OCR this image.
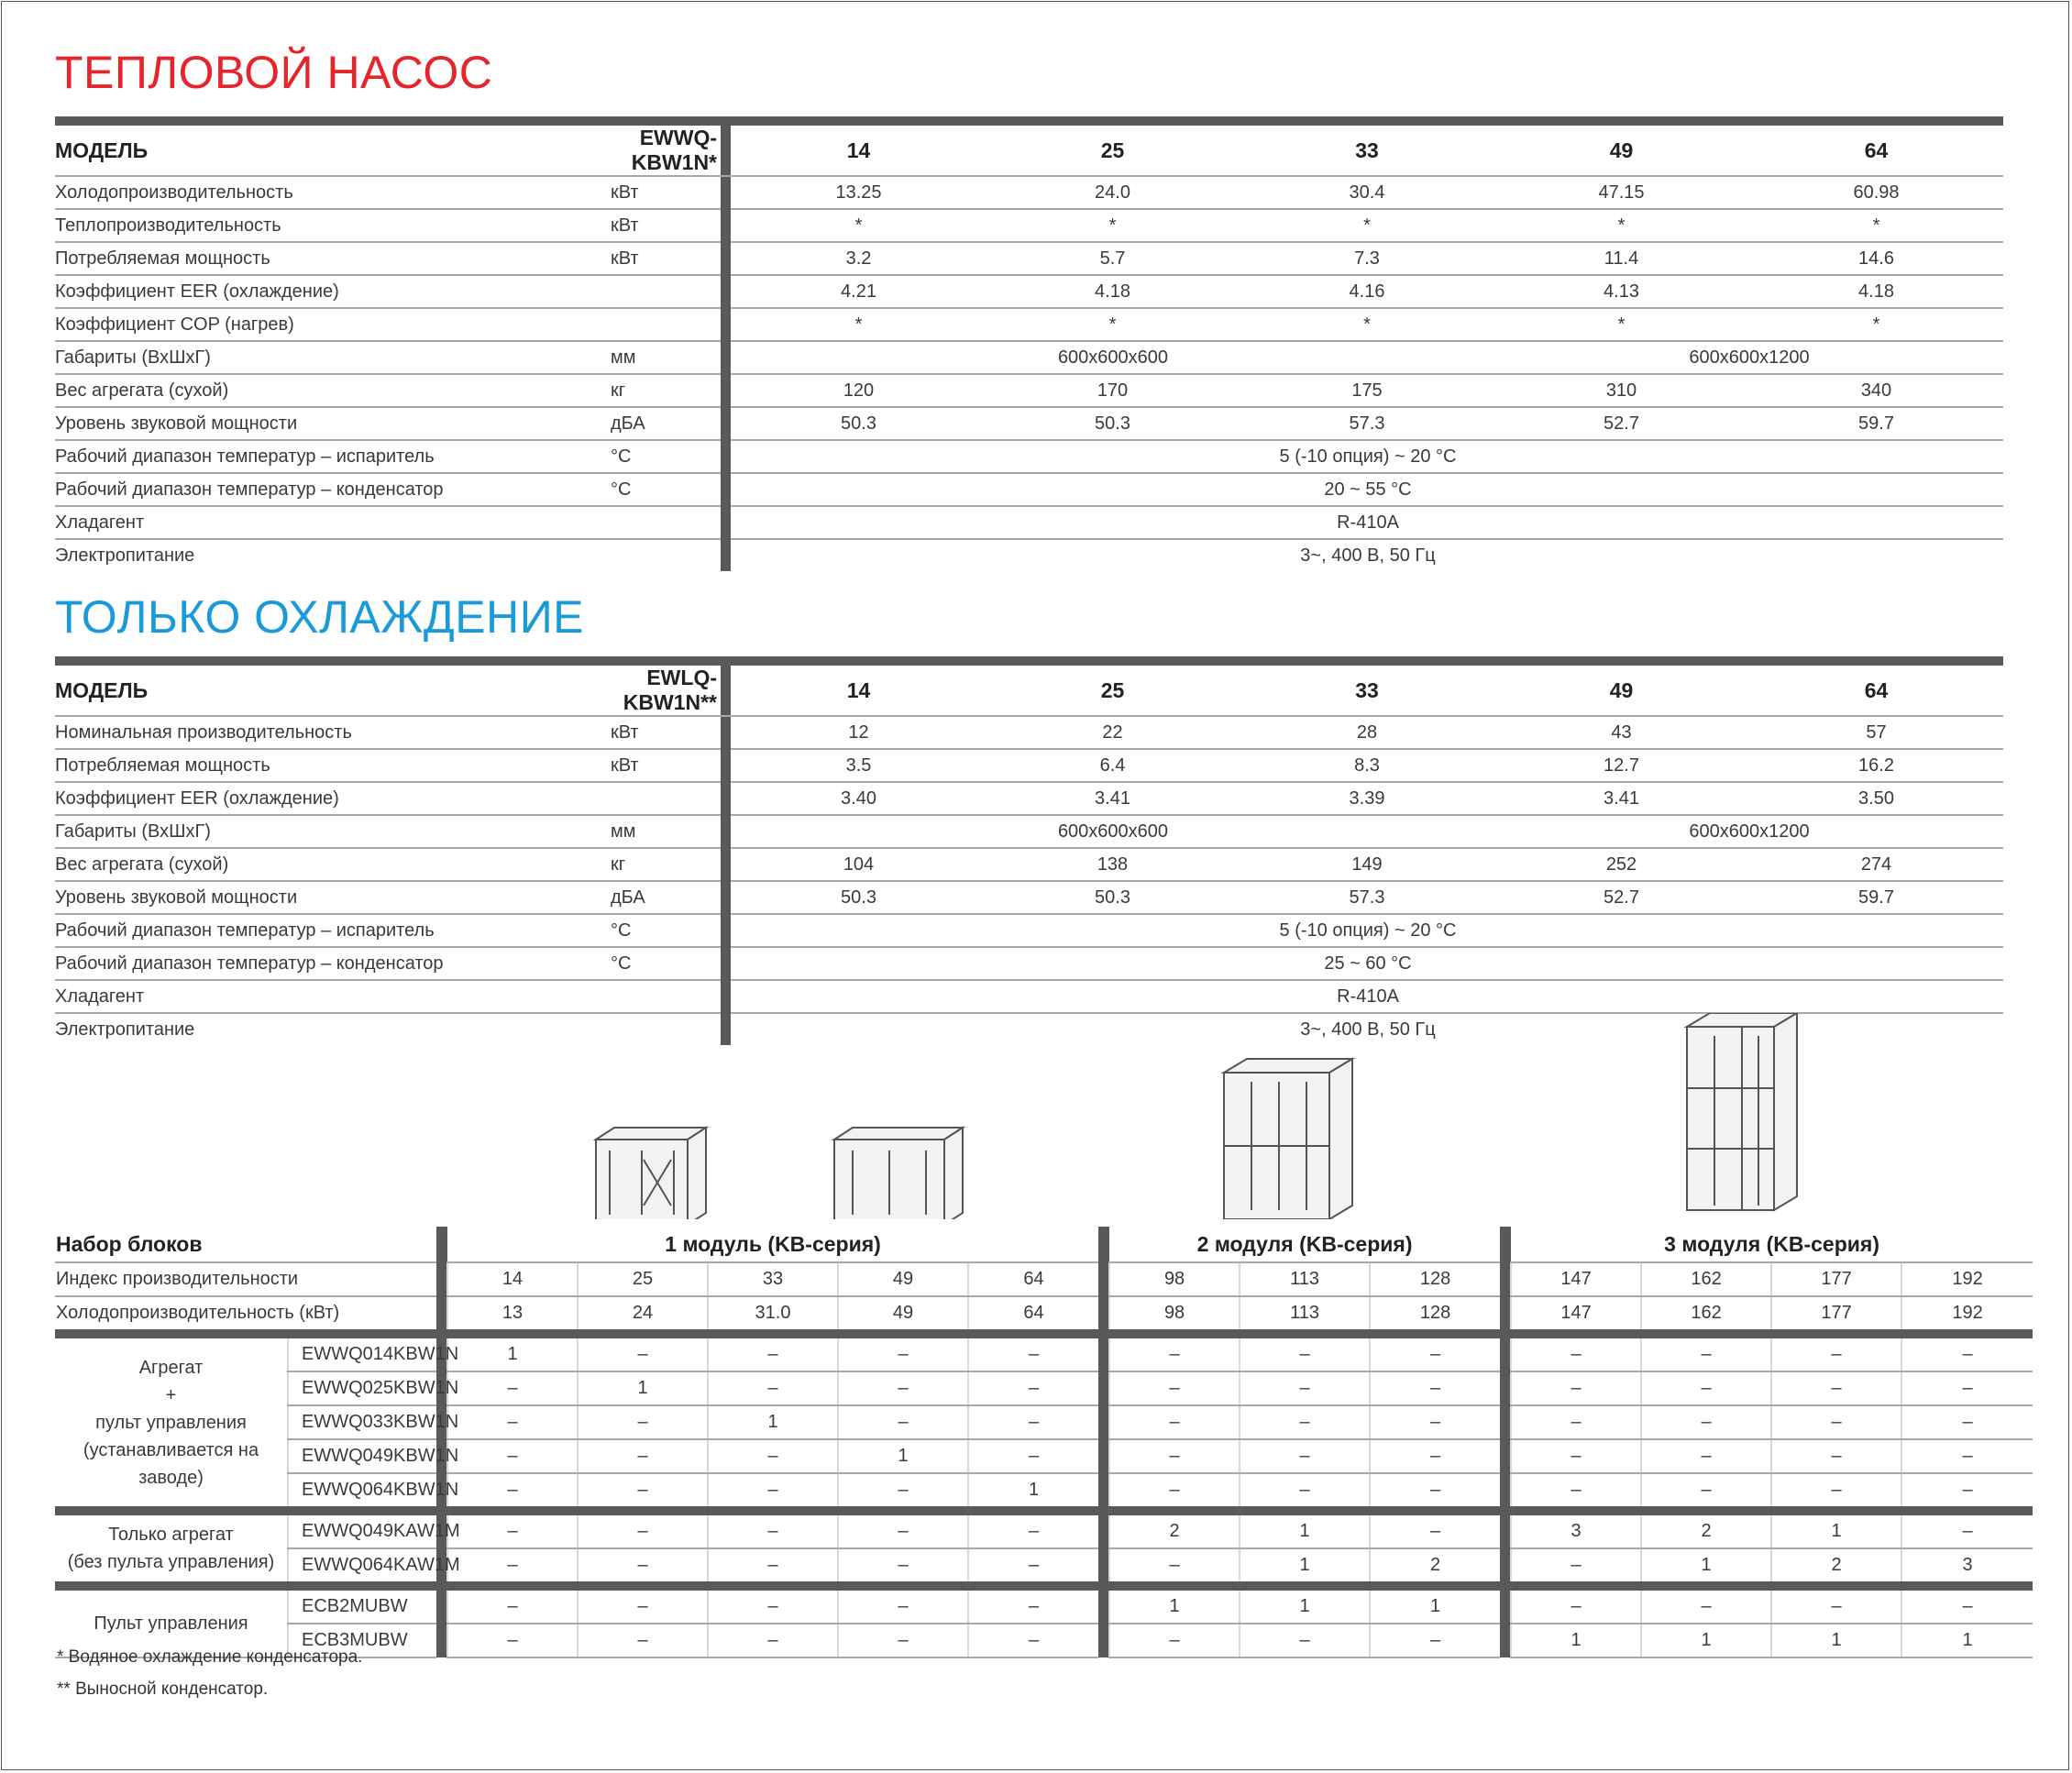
ТЕПЛОВОЙ НАСОС
МОДЕЛЬ	EWWQ-KBW1N*		14	25	33	49	64
Холодопроизводительность	кВт		13.25	24.0	30.4	47.15	60.98
Теплопроизводительность	кВт		*	*	*	*	*
Потребляемая мощность	кВт		3.2	5.7	7.3	11.4	14.6
Коэффициент EER (охлаждение)			4.21	4.18	4.16	4.13	4.18
Коэффициент COP (нагрев)			*	*	*	*	*
Габариты (ВхШхГ)	мм		600x600x600			600x600x1200	
Вес агрегата (сухой)	кг		120	170	175	310	340
Уровень звуковой мощности	дБА		50.3	50.3	57.3	52.7	59.7
Рабочий диапазон температур – испаритель	°C		5 (-10 опция) ~ 20 °C				
Рабочий диапазон температур – конденсатор	°C		20 ~ 55 °C				
Хладагент			R-410A				
Электропитание			3~, 400 В, 50 Гц				
ТОЛЬКО ОХЛАЖДЕНИЕ
МОДЕЛЬ	EWLQ-KBW1N**		14	25	33	49	64
Номинальная производительность	кВт		12	22	28	43	57
Потребляемая мощность	кВт		3.5	6.4	8.3	12.7	16.2
Коэффициент EER (охлаждение)			3.40	3.41	3.39	3.41	3.50
Габариты (ВхШхГ)	мм		600x600x600			600x600x1200	
Вес агрегата (сухой)	кг		104	138	149	252	274
Уровень звуковой мощности	дБА		50.3	50.3	57.3	52.7	59.7
Рабочий диапазон температур – испаритель	°C		5 (-10 опция) ~ 20 °C				
Рабочий диапазон температур – конденсатор	°C		25 ~ 60 °C				
Хладагент			R-410A				
Электропитание			3~, 400 В, 50 Гц				
Набор блоков			1 модуль (KB-серия)						2 модуля (KB-серия)				3 модуля (KB-серия)			
Индекс производительности			14	25	33	49	64		98	113	128		147	162	177	192
Холодопроизводительность (кВт)			13	24	31.0	49	64		98	113	128		147	162	177	192
Агрегат
+
пульт управления
(устанавливается на заводе)	EWWQ014KBW1N		1	–	–	–	–		–	–	–		–	–	–	–
	EWWQ025KBW1N		–	1	–	–	–		–	–	–		–	–	–	–
	EWWQ033KBW1N		–	–	1	–	–		–	–	–		–	–	–	–
	EWWQ049KBW1N		–	–	–	1	–		–	–	–		–	–	–	–
	EWWQ064KBW1N		–	–	–	–	1		–	–	–		–	–	–	–
Только агрегат
(без пульта управления)	EWWQ049KAW1M		–	–	–	–	–		2	1	–		3	2	1	–
	EWWQ064KAW1M		–	–	–	–	–		–	1	2		–	1	2	3
Пульт управления	ECB2MUBW		–	–	–	–	–		1	1	1		–	–	–	–
	ECB3MUBW		–	–	–	–	–		–	–	–		1	1	1	1
* Водяное охлаждение конденсатора.
** Выносной конденсатор.
